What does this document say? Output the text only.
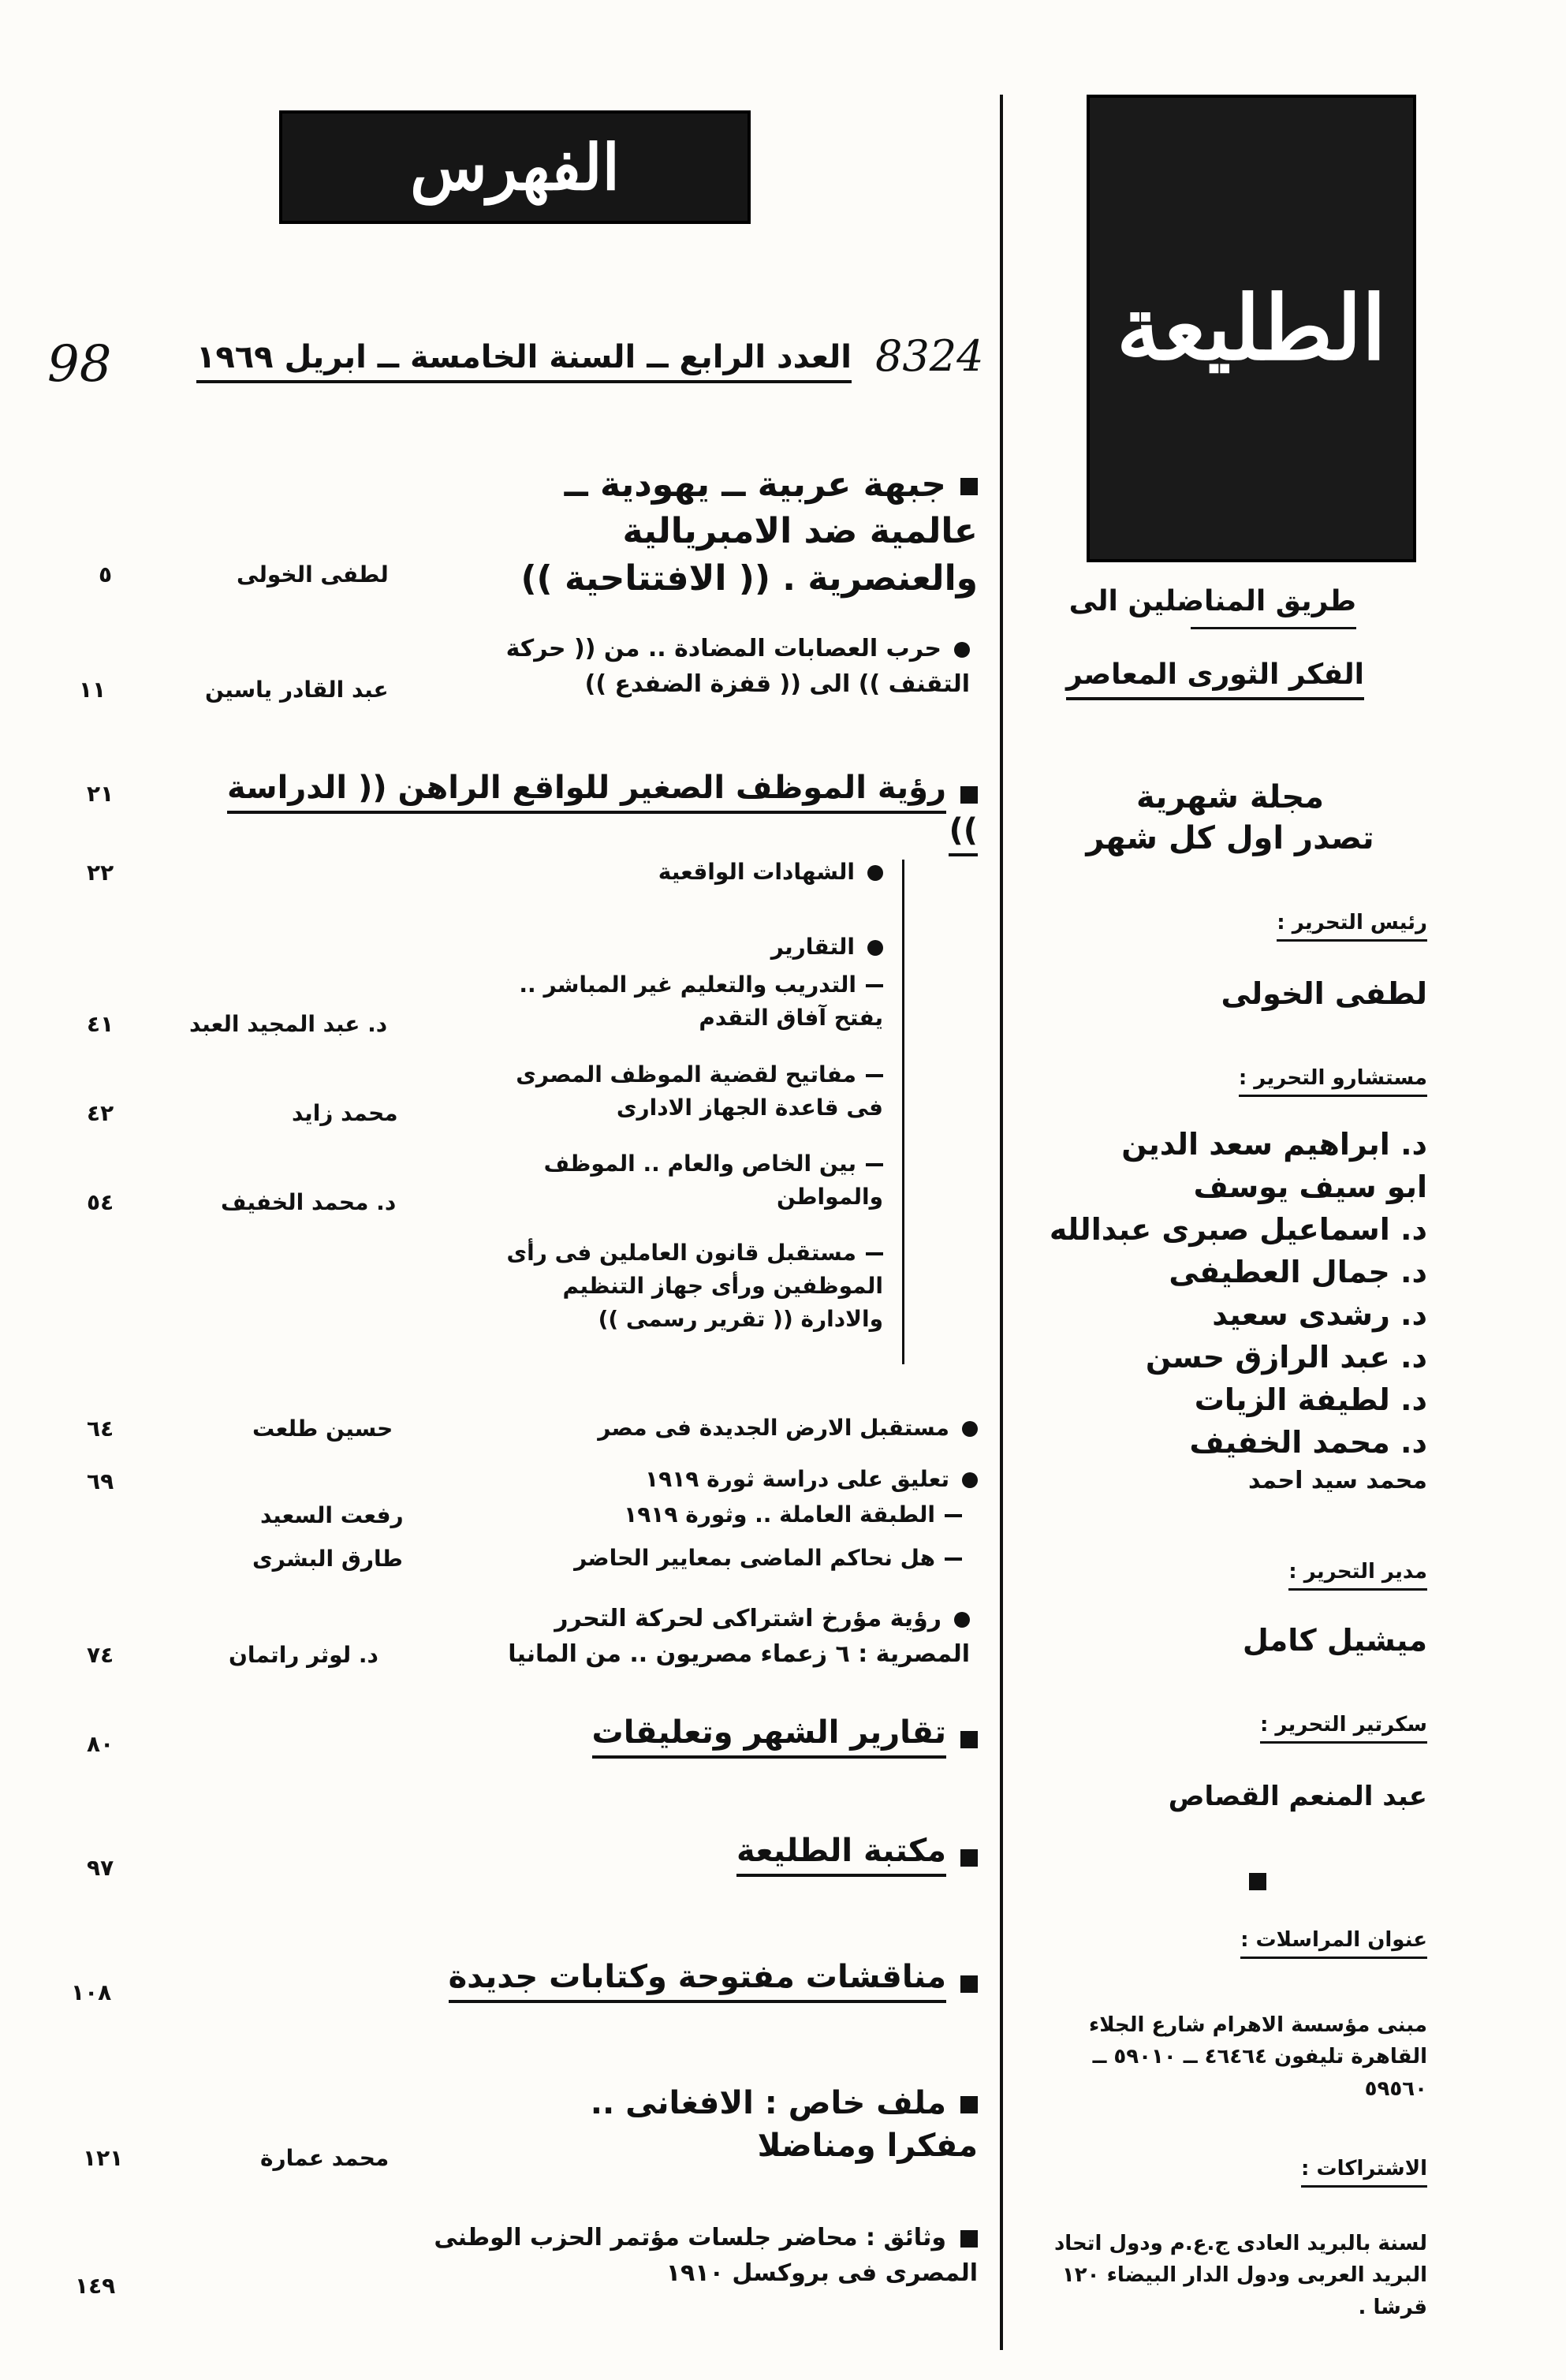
الفهرس
98	8324
العدد الرابع ــ السنة الخامسة ــ ابريل ١٩٦٩
جبهة عربية ــ يهودية ــ عالمية ضد الامبريالية والعنصرية . (( الافتتاحية ))
لطفى الخولى
٥
حرب العصابات المضادة .. من (( حركة التقنف )) الى (( قفزة الضفدع ))
عبد القادر ياسين
١١
رؤية الموظف الصغير للواقع الراهن (( الدراسة ))
٢١
الشهادات الواقعية
٢٢
التقارير
التدريب والتعليم غير المباشر .. يفتح آفاق التقدم
د. عبد المجيد العبد
٤١
مفاتيح لقضية الموظف المصرى فى قاعدة الجهاز الادارى
محمد زايد
٤٢
بين الخاص والعام .. الموظف والمواطن
د. محمد الخفيف
٥٤
مستقبل قانون العاملين فى رأى الموظفين ورأى جهاز التنظيم والادارة (( تقرير رسمى ))
مستقبل الارض الجديدة فى مصر
حسين طلعت
٦٤
تعليق على دراسة ثورة ١٩١٩
٦٩
الطبقة العاملة .. وثورة ١٩١٩
رفعت السعيد
هل نحاكم الماضى بمعايير الحاضر
طارق البشرى
رؤية مؤرخ اشتراكى لحركة التحرر المصرية : ٦ زعماء مصريون .. من المانيا
د. لوثر راتمان
٧٤
تقارير الشهر وتعليقات
٨٠
مكتبة الطليعة
٩٧
مناقشات مفتوحة وكتابات جديدة
١٠٨
ملف خاص : الافغانى .. مفكرا ومناضلا
محمد عمارة
١٢١
وثائق : محاضر جلسات مؤتمر الحزب الوطنى المصرى فى بروكسل ١٩١٠
١٤٩
الطليعة
طريق المناضلين الى
الفكر الثورى المعاصر
مجلة شهرية
تصدر اول كل شهر
رئيس التحرير :
لطفى الخولى
مستشارو التحرير :
د. ابراهيم سعد الدين
ابو سيف يوسف
د. اسماعيل صبرى عبدالله
د. جمال العطيفى
د. رشدى سعيد
د. عبد الرازق حسن
د. لطيفة الزيات
د. محمد الخفيف
محمد سيد احمد
مدير التحرير :
ميشيل كامل
سكرتير التحرير :
عبد المنعم القصاص
عنوان المراسلات :
مبنى مؤسسة الاهرام شارع الجلاء القاهرة تليفون ٤٦٤٦٤ ــ ٥٩٠١٠ ــ ٥٩٥٦٠
الاشتراكات :
لسنة بالبريد العادى ج.ع.م ودول اتحاد البريد العربى ودول الدار البيضاء ١٢٠ قرشا .
